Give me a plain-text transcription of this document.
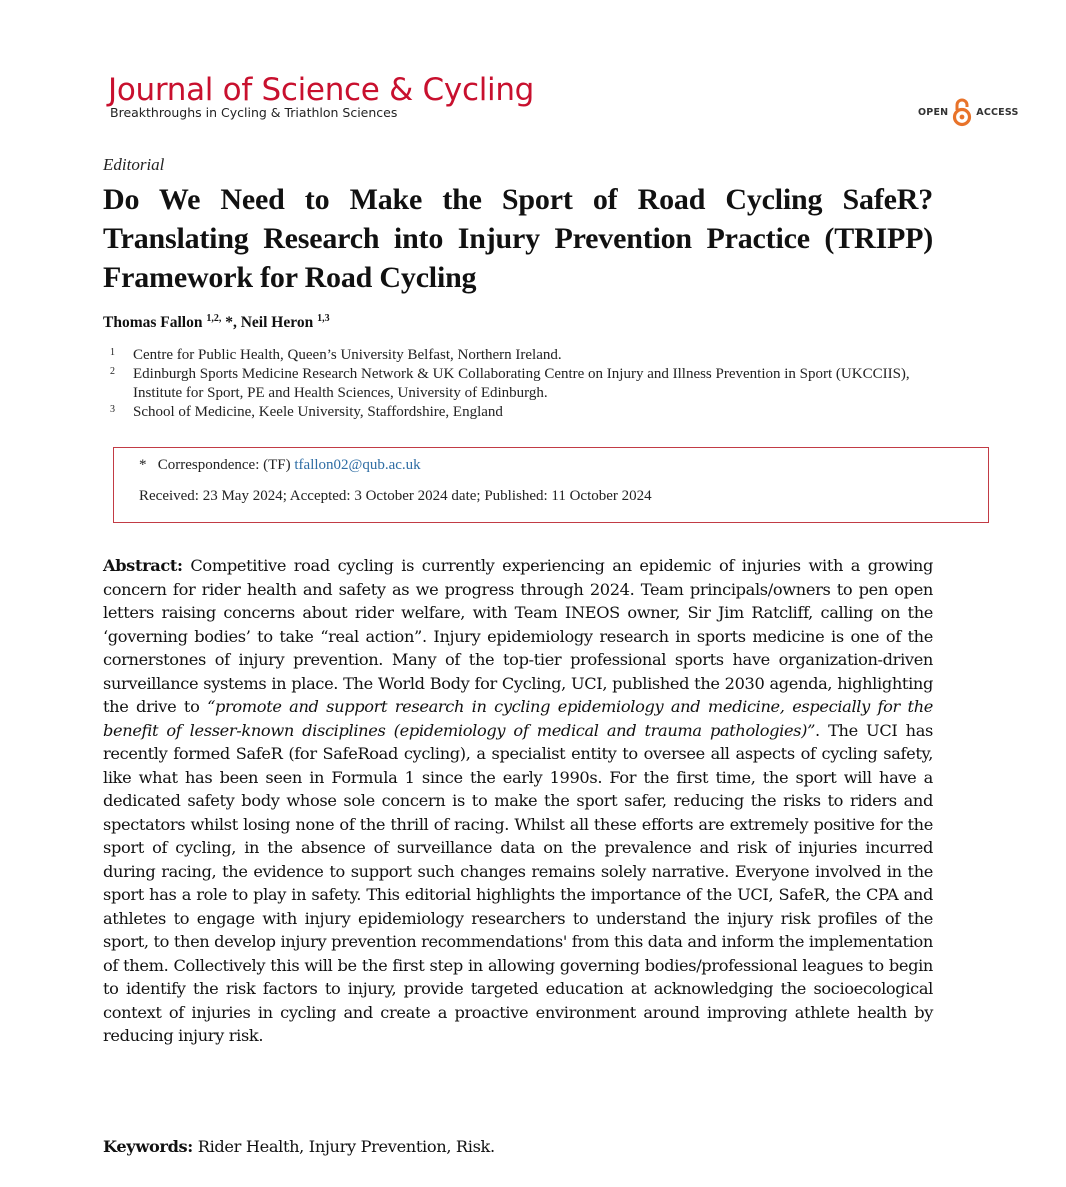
Journal of Science & Cycling
Breakthroughs in Cycling & Triathlon Sciences	OPEN	ACCESS
Editorial
Do We Need to Make the Sport of Road Cycling SafeR? Translating Research into Injury Prevention Practice (TRIPP) Framework for Road Cycling
Thomas Fallon $^{1,2,}$ *, Neil Heron $^{1,3}$
1	Centre for Public Health, Queen’s University Belfast, Northern Ireland.
2	Edinburgh Sports Medicine Research Network & UK Collaborating Centre on Injury and Illness Prevention in Sport (UKCCIIS), Institute for Sport, PE and Health Sciences, University of Edinburgh.
3	School of Medicine, Keele University, Staffordshire, England
* Correspondence: (TF) tfallon02@qub.ac.uk
Received: 23 May 2024; Accepted: 3 October 2024 date; Published: 11 October 2024
Abstract: Competitive road cycling is currently experiencing an epidemic of injuries with a growing concern for rider health and safety as we progress through 2024. Team principals/owners to pen open letters raising concerns about rider welfare, with Team INEOS owner, Sir Jim Ratcliff, calling on the ‘governing bodies’ to take “real action”. Injury epidemiology research in sports medicine is one of the cornerstones of injury prevention. Many of the top-tier professional sports have organization-driven surveillance systems in place. The World Body for Cycling, UCI, published the 2030 agenda, highlighting the drive to “promote and support research in cycling epidemiology and medicine, especially for the benefit of lesser-known disciplines (epidemiology of medical and trauma pathologies)”. The UCI has recently formed SafeR (for SafeRoad cycling), a specialist entity to oversee all aspects of cycling safety, like what has been seen in Formula 1 since the early 1990s. For the first time, the sport will have a dedicated safety body whose sole concern is to make the sport safer, reducing the risks to riders and spectators whilst losing none of the thrill of racing. Whilst all these efforts are extremely positive for the sport of cycling, in the absence of surveillance data on the prevalence and risk of injuries incurred during racing, the evidence to support such changes remains solely narrative. Everyone involved in the sport has a role to play in safety. This editorial highlights the importance of the UCI, SafeR, the CPA and athletes to engage with injury epidemiology researchers to understand the injury risk profiles of the sport, to then develop injury prevention recommendations' from this data and inform the implementation of them. Collectively this will be the first step in allowing governing bodies/professional leagues to begin to identify the risk factors to injury, provide targeted education at acknowledging the socioecological context of injuries in cycling and create a proactive environment around improving athlete health by reducing injury risk.
Keywords: Rider Health, Injury Prevention, Risk.
